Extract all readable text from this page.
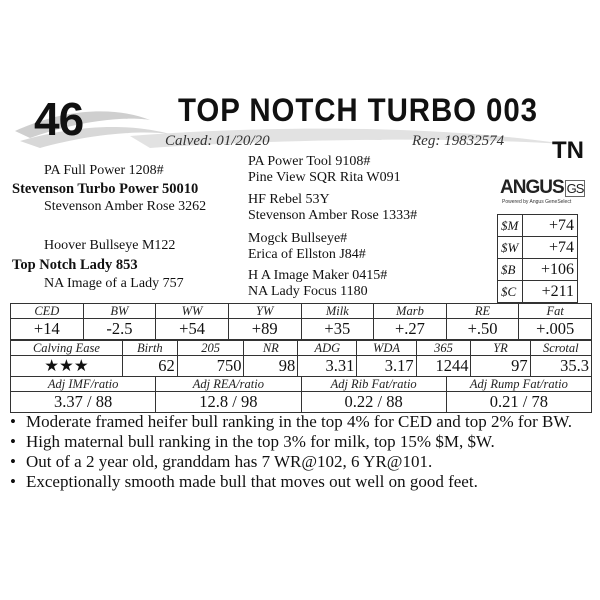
46	TOP NOTCH TURBO 003
Calved: 01/20/20	Reg: 19832574 TN
PA Full Power 1208#
Stevenson Turbo Power 50010
Stevenson Amber Rose 3262
Hoover Bullseye M122
Top Notch Lady 853
NA Image of a Lady 757
PA Power Tool 9108#
Pine View SQR Rita W091
HF Rebel 53Y
Stevenson Amber Rose 1333#
Mogck Bullseye#
Erica of Ellston J84#
H A Image Maker 0415#
NA Lady Focus 1180
ANGUS GS
Powered by Angus GeneSelect
$M	+74
$W	+74
$B	+106
$C	+211
CED	BW	WW	YW	Milk	Marb	RE	Fat
+14	-2.5	+54	+89	+35	+.27	+.50	+.005
Calving Ease	Birth	205	NR	ADG	WDA	365	YR	Scrotal
★★★	62	750	98	3.31	3.17	1244	97	35.3
Adj IMF/ratio	Adj REA/ratio	Adj Rib Fat/ratio	Adj Rump Fat/ratio
3.37 / 88	12.8 / 98	0.22 / 88	0.21 / 78
• Moderate framed heifer bull ranking in the top 4% for CED and top 2% for BW.
• High maternal bull ranking in the top 3% for milk, top 15% $M, $W.
• Out of a 2 year old, granddam has 7 WR@102, 6 YR@101.
• Exceptionally smooth made bull that moves out well on good feet.
